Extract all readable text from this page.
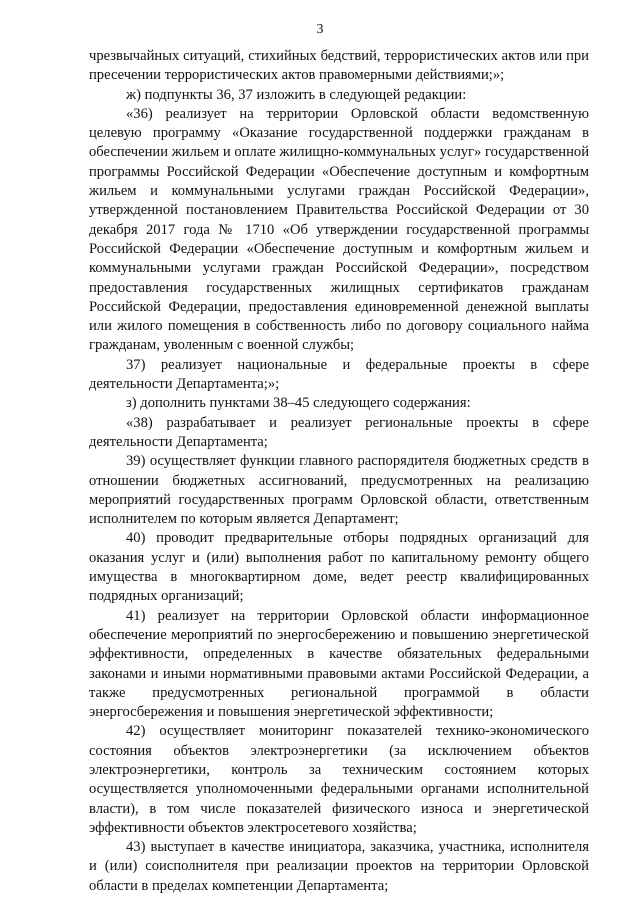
3

чрезвычайных ситуаций, стихийных бедствий, террористических актов или при пресечении террористических актов правомерными действиями;»;

ж) подпункты 36, 37 изложить в следующей редакции:

«36) реализует на территории Орловской области ведомственную целевую программу «Оказание государственной поддержки гражданам в обеспечении жильем и оплате жилищно-коммунальных услуг» государственной программы Российской Федерации «Обеспечение доступным и комфортным жильем и коммунальными услугами граждан Российской Федерации», утвержденной постановлением Правительства Российской Федерации от 30 декабря 2017 года № 1710 «Об утверждении государственной программы Российской Федерации «Обеспечение доступным и комфортным жильем и коммунальными услугами граждан Российской Федерации», посредством предоставления государственных жилищных сертификатов гражданам Российской Федерации, предоставления единовременной денежной выплаты или жилого помещения в собственность либо по договору социального найма гражданам, уволенным с военной службы;

37) реализует национальные и федеральные проекты в сфере деятельности Департамента;»;

з) дополнить пунктами 38–45 следующего содержания:

«38) разрабатывает и реализует региональные проекты в сфере деятельности Департамента;

39) осуществляет функции главного распорядителя бюджетных средств в отношении бюджетных ассигнований, предусмотренных на реализацию мероприятий государственных программ Орловской области, ответственным исполнителем по которым является Департамент;

40) проводит предварительные отборы подрядных организаций для оказания услуг и (или) выполнения работ по капитальному ремонту общего имущества в многоквартирном доме, ведет реестр квалифицированных подрядных организаций;

41) реализует на территории Орловской области информационное обеспечение мероприятий по энергосбережению и повышению энергетической эффективности, определенных в качестве обязательных федеральными законами и иными нормативными правовыми актами Российской Федерации, а также предусмотренных региональной программой в области энергосбережения и повышения энергетической эффективности;

42) осуществляет мониторинг показателей технико-экономического состояния объектов электроэнергетики (за исключением объектов электроэнергетики, контроль за техническим состоянием которых осуществляется уполномоченными федеральными органами исполнительной власти), в том числе показателей физического износа и энергетической эффективности объектов электросетевого хозяйства;

43) выступает в качестве инициатора, заказчика, участника, исполнителя и (или) соисполнителя при реализации проектов на территории Орловской области в пределах компетенции Департамента;
